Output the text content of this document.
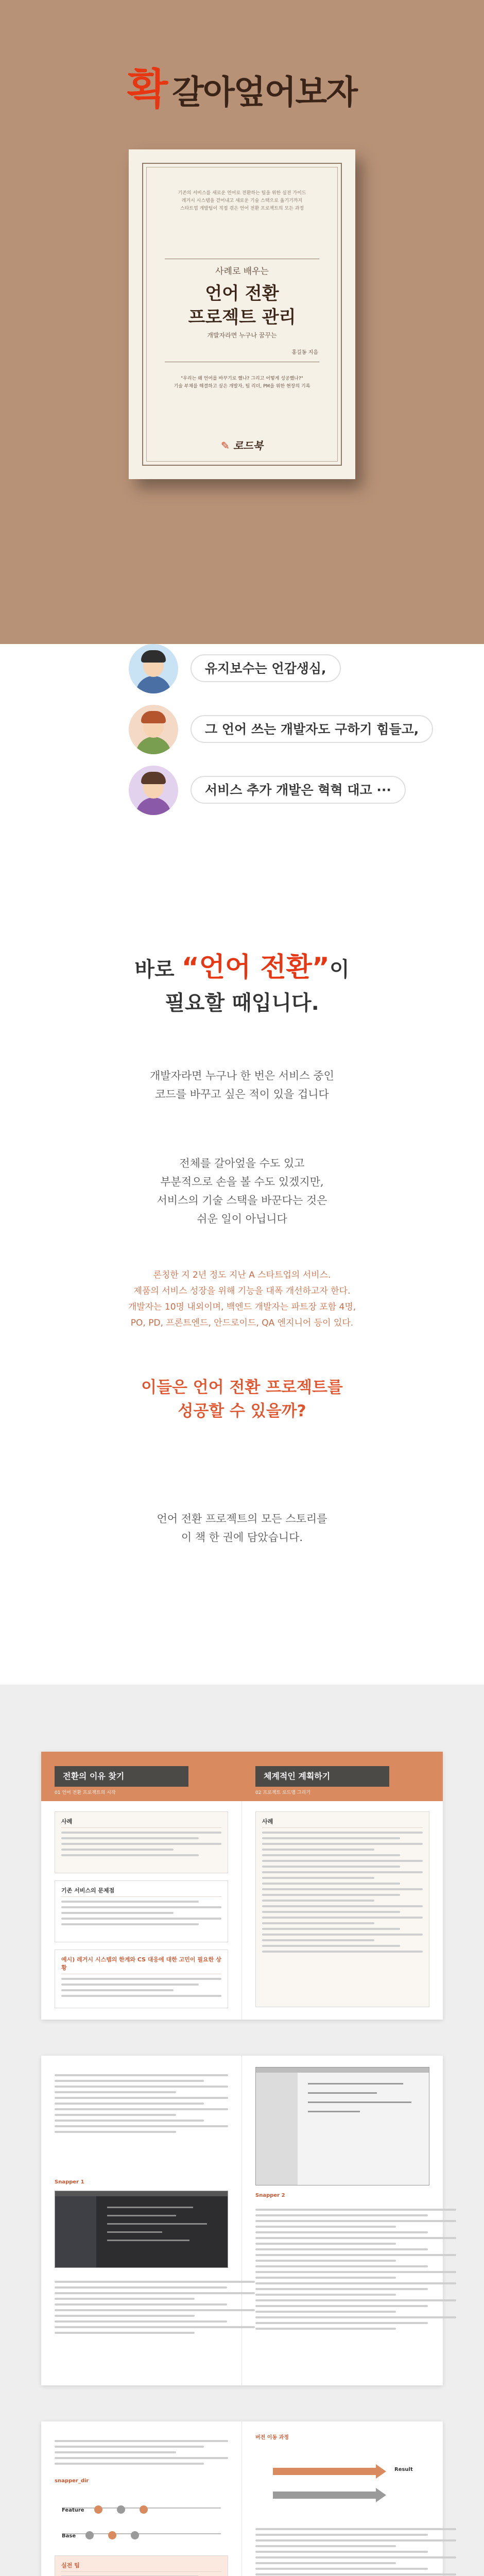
확 갈아엎어보자
기존의 서비스를 새로운 언어로 전환하는 팀을 위한 실전 가이드
레거시 시스템을 걷어내고 새로운 기술 스택으로 옮기기까지
스타트업 개발팀이 직접 겪은 언어 전환 프로젝트의 모든 과정
사례로 배우는
언어 전환
프로젝트 관리
개발자라면 누구나 꿈꾸는
홍길동 지음
"우리는 왜 언어를 바꾸기로 했나? 그리고 어떻게 성공했나?"
기술 부채를 해결하고 싶은 개발자, 팀 리더, PM을 위한 현장의 기록
✎ 로드북
유지보수는 언감생심,
그 언어 쓰는 개발자도 구하기 힘들고,
서비스 추가 개발은 혁혁 대고 ···
바로 “언어 전환”이
필요할 때입니다.
개발자라면 누구나 한 번은 서비스 중인
코드를 바꾸고 싶은 적이 있을 겁니다
전체를 갈아엎을 수도 있고
부분적으로 손을 볼 수도 있겠지만,
서비스의 기술 스택을 바꾼다는 것은
쉬운 일이 아닙니다
론칭한 지 2년 정도 지난 A 스타트업의 서비스.
제품의 서비스 성장을 위해 기능을 대폭 개선하고자 한다.
개발자는 10명 내외이며, 백엔드 개발자는 파트장 포함 4명,
PO, PD, 프론트엔드, 안드로이드, QA 엔지니어 등이 있다.
이들은 언어 전환 프로젝트를
성공할 수 있을까?
언어 전환 프로젝트의 모든 스토리를
이 책 한 권에 담았습니다.
전환의 이유 찾기
01 언어 전환 프로젝트의 시작
사례
기존 서비스의 문제점
예시) 레거시 시스템의 한계와 CS 대응에 대한 고민이 필요한 상황
체계적인 계획하기
02 프로젝트 로드맵 그리기
사례
Snapper 1
Snapper 2
snapper_dir
Feature
Base
실전 팁
버전 이동 과정
Result
